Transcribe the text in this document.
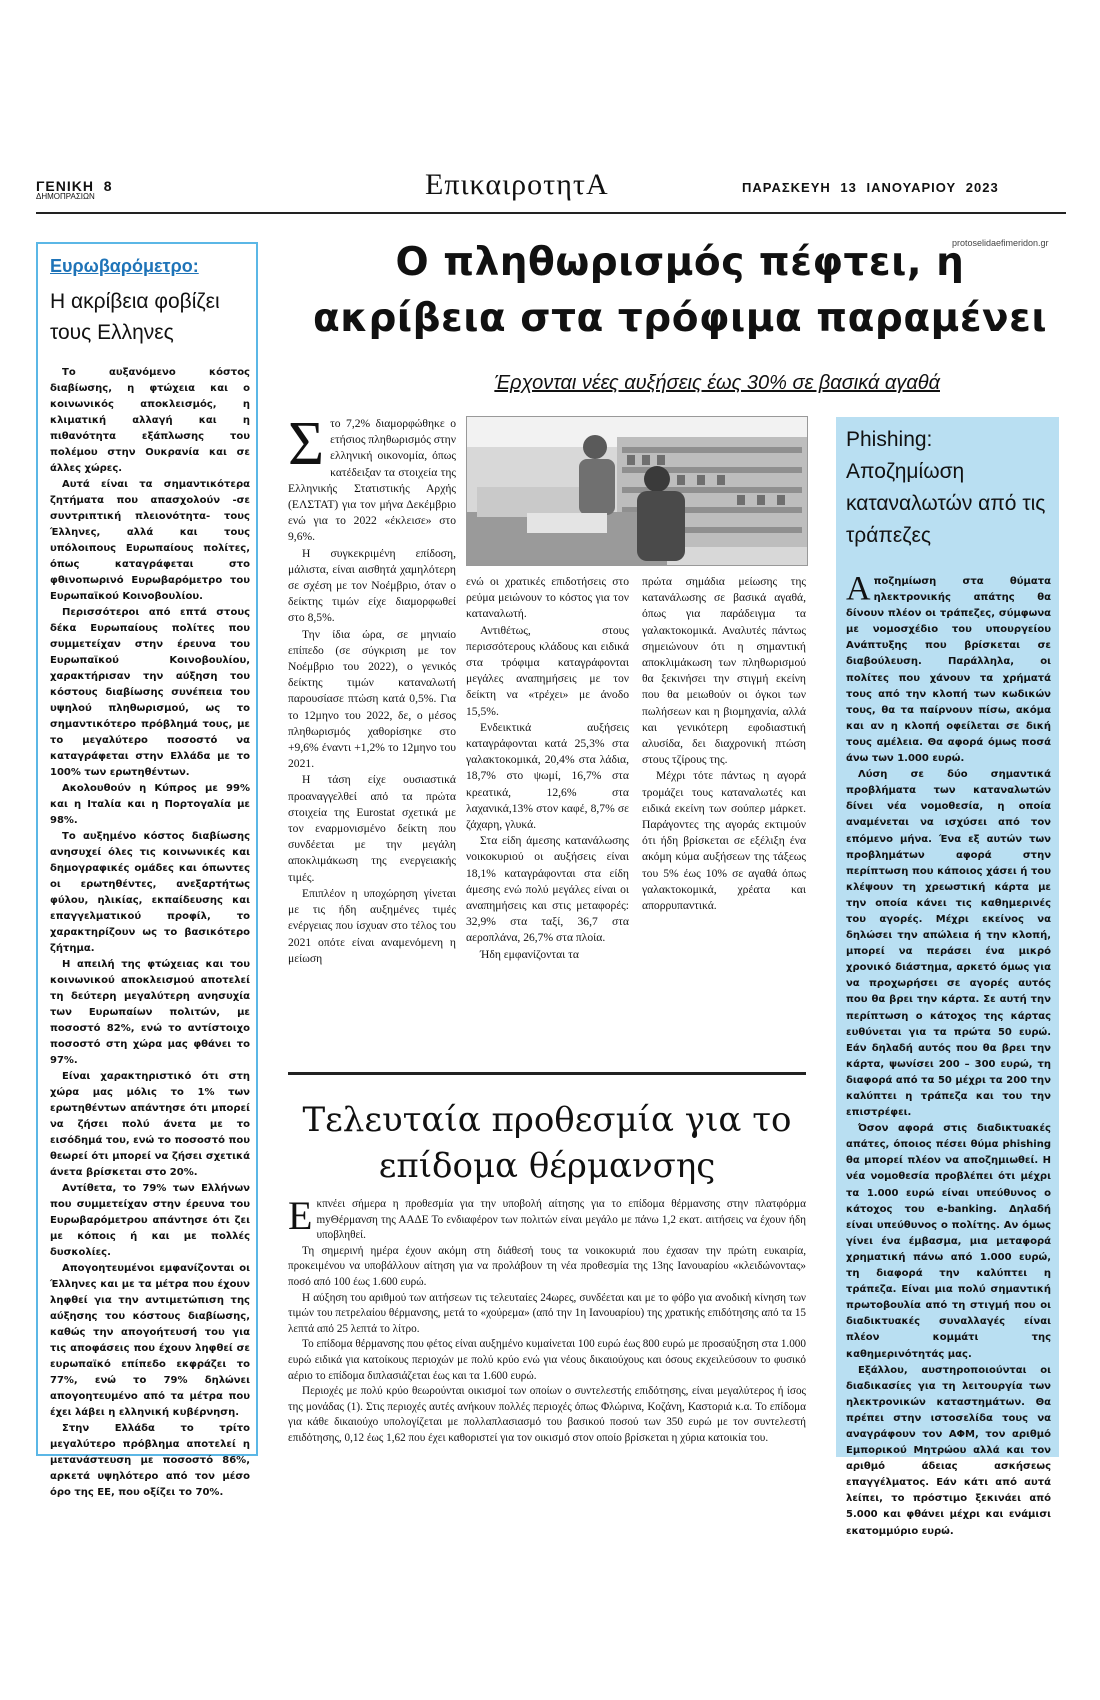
ΓΕΝΙΚΗ 8
ΔΗΜΟΠΡΑΣΙΩΝ	ΕπικαιροτητΑ	ΠΑΡΑΣΚΕΥΗ 13 ΙΑΝΟΥΑΡΙΟΥ 2023
protoselidaefimeridon.gr
Ευρωβαρόμετρο:
Η ακρίβεια φοβίζει τους Ελληνες

Το αυξανόμενο κόστος διαβίωσης, η φτώχεια και ο κοινωνικός αποκλεισμός, η κλιματική αλλαγή και η πιθανότητα εξάπλωσης του πολέμου στην Ουκρανία και σε άλλες χώρες.

Αυτά είναι τα σημαντικότερα ζητήματα που απασχολούν -σε συντριπτική πλειονότητα- τους Έλληνες, αλλά και τους υπόλοιπους Ευρωπαίους πολίτες, όπως καταγράφεται στο φθινοπωρινό Ευρωβαρόμετρο του Ευρωπαϊκού Κοινοβουλίου.

Περισσότεροι από επτά στους δέκα Ευρωπαίους πολίτες που συμμετείχαν στην έρευνα του Ευρωπαϊκού Κοινοβουλίου, χαρακτήρισαν την αύξηση του κόστους διαβίωσης συνέπεια του υψηλού πληθωρισμού, ως το σημαντικότερο πρόβλημά τους, με το μεγαλύτερο ποσοστό να καταγράφεται στην Ελλάδα με το 100% των ερωτηθέντων.

Ακολουθούν η Κύπρος με 99% και η Ιταλία και η Πορτογαλία με 98%.

Το αυξημένο κόστος διαβίωσης ανησυχεί όλες τις κοινωνικές και δημογραφικές ομάδες και όπωντες οι ερωτηθέντες, ανεξαρτήτως φύλου, ηλικίας, εκπαίδευσης και επαγγελματικού προφίλ, το χαρακτηρίζουν ως το βασικότερο ζήτημα.

Η απειλή της φτώχειας και του κοινωνικού αποκλεισμού αποτελεί τη δεύτερη μεγαλύτερη ανησυχία των Ευρωπαίων πολιτών, με ποσοστό 82%, ενώ το αντίστοιχο ποσοστό στη χώρα μας φθάνει το 97%.

Είναι χαρακτηριστικό ότι στη χώρα μας μόλις το 1% των ερωτηθέντων απάντησε ότι μπορεί να ζήσει πολύ άνετα με το εισόδημά του, ενώ το ποσοστό που θεωρεί ότι μπορεί να ζήσει σχετικά άνετα βρίσκεται στο 20%.

Αντίθετα, το 79% των Ελλήνων που συμμετείχαν στην έρευνα του Ευρωβαρόμετρου απάντησε ότι ζει με κόποις ή και με πολλές δυσκολίες.

Απογοητευμένοι εμφανίζονται οι Έλληνες και με τα μέτρα που έχουν ληφθεί για την αντιμετώπιση της αύξησης του κόστους διαβίωσης, καθώς την απογοήτευσή του για τις αποφάσεις που έχουν ληφθεί σε ευρωπαϊκό επίπεδο εκφράζει το 77%, ενώ το 79% δηλώνει απογοητευμένο από τα μέτρα που έχει λάβει η ελληνική κυβέρνηση.

Στην Ελλάδα το τρίτο μεγαλύτερο πρόβλημα αποτελεί η μετανάστευση με ποσοστό 86%, αρκετά υψηλότερο από τον μέσο όρο της ΕΕ, που οξίζει το 70%.

Ο πληθωρισμός πέφτει, η ακρίβεια στα τρόφιμα παραμένει
Έρχονται νέες αυξήσεις έως 30% σε βασικά αγαθά
Σ το 7,2% διαμορφώθηκε ο ετήσιος πληθωρισμός στην ελληνική οικονομία, όπως κατέδειξαν τα στοιχεία της Ελληνικής Στατιστικής Αρχής (ΕΛΣΤΑΤ) για τον μήνα Δεκέμβριο ενώ για το 2022 «έκλεισε» στο 9,6%.

Η συγκεκριμένη επίδοση, μάλιστα, είναι αισθητά χαμηλότερη σε σχέση με τον Νοέμβριο, όταν ο δείκτης τιμών είχε διαμορφωθεί στο 8,5%.

Την ίδια ώρα, σε μηνιαίο επίπεδο (σε σύγκριση με τον Νοέμβριο του 2022), ο γενικός δείκτης τιμών καταναλωτή παρουσίασε πτώση κατά 0,5%. Για το 12μηνο του 2022, δε, ο μέσος πληθωρισμός χαθορίσηκε στο +9,6% έναντι +1,2% το 12μηνο του 2021.

Η τάση είχε ουσιαστικά προαναγγελθεί από τα πρώτα στοιχεία της Eurostat σχετικά με τον εναρμονισμένο δείκτη που συνδέεται με την μεγάλη αποκλιμάκωση της ενεργειακής τιμές.

Επιπλέον η υποχώρηση γίνεται με τις ήδη αυξημένες τιμές ενέργειας που ίσχυαν στο τέλος του 2021 οπότε είναι αναμενόμενη η μείωση

ενώ οι χρατικές επιδοτήσεις στο ρεύμα μειώνουν το κόστος για τον καταναλωτή.

Αντιθέτως, στους περισσότερους κλάδους και ειδικά στα τρόφιμα καταγράφονται μεγάλες αναπημήσεις με τον δείκτη να «τρέχει» με άνοδο 15,5%.

Ενδεικτικά αυξήσεις καταγράφονται κατά 25,3% στα γαλακτοκομικά, 20,4% στα λάδια, 18,7% στο ψωμί, 16,7% στα κρεατικά, 12,6% στα λαχανικά,13% στον καφέ, 8,7% σε ζάχαρη, γλυκά.

Στα είδη άμεσης κατανάλωσης νοικοκυριού οι αυξήσεις είναι 18,1% καταγράφονται στα είδη άμεσης ενώ πολύ μεγάλες είναι οι αναπημήσεις και στις μεταφορές: 32,9% στα ταξί, 36,7 στα αεροπλάνα, 26,7% στα πλοία.

Ήδη εμφανίζονται τα

πρώτα σημάδια μείωσης της κατανάλωσης σε βασικά αγαθά, όπως για παράδειγμα τα γαλακτοκομικά. Αναλυτές πάντως σημειώνουν ότι η σημαντική αποκλιμάκωση των πληθωρισμού θα ξεκινήσει την στιγμή εκείνη που θα μειωθούν οι όγκοι των πωλήσεων και η βιομηχανία, αλλά και γενικότερη εφοδιαστική αλυσίδα, δει διαχρονική πτώση στους τζίρους της.

Μέχρι τότε πάντως η αγορά τρομάζει τους καταναλωτές και ειδικά εκείνη των σούπερ μάρκετ. Παράγοντες της αγοράς εκτιμούν ότι ήδη βρίσκεται σε εξέλιξη ένα ακόμη κύμα αυξήσεων της τάξεως του 5% έως 10% σε αγαθά όπως γαλακτοκομικά, χρέατα και απορρυπαντικά.

Τελευταία προθεσμία για το επίδομα θέρμανσης
Ε κπνέει σήμερα η προθεσμία για την υποβολή αίτησης για το επίδομα θέρμανσης στην πλατφόρμα myΘέρμανση της ΑΑΔΕ Το ενδιαφέρον των πολιτών είναι μεγάλο με πάνω 1,2 εκατ. αιτήσεις να έχουν ήδη υποβληθεί.

Τη σημερινή ημέρα έχουν ακόμη στη διάθεσή τους τα νοικοκυριά που έχασαν την πρώτη ευκαιρία, προκειμένου να υποβάλλουν αίτηση για να προλάβουν τη νέα προθεσμία της 13ης Ιανουαρίου «κλειδώνοντας» ποσό από 100 έως 1.600 ευρώ.

Η αύξηση του αριθμού των αιτήσεων τις τελευταίες 24ωρες, συνδέεται και με το φόβο για ανοδική κίνηση των τιμών του πετρελαίου θέρμανσης, μετά το «χούρεμα» (από την 1η Ιανουαρίου) της χρατικής επιδότησης από τα 15 λεπτά από 25 λεπτά το λίτρο.

Το επίδομα θέρμανσης που φέτος είναι αυξημένο κυμαίνεται 100 ευρώ έως 800 ευρώ με προσαύξηση στα 1.000 ευρώ ειδικά για κατοίκους περιοχών με πολύ κρύο ενώ για νέους δικαιούχους και όσους εκχειλεύσουν το φυσικό αέριο το επίδομα διπλασιάζεται έως και τα 1.600 ευρώ.

Περιοχές με πολύ κρύο θεωρούνται οικισμοί των οποίων ο συντελεστής επιδότησης, είναι μεγαλύτερος ή ίσος της μονάδας (1). Στις περιοχές αυτές ανήκουν πολλές περιοχές όπως Φλώρινα, Κοζάνη, Καστοριά κ.α. Το επίδομα για κάθε δικαιούχο υπολογίζεται με πολλαπλασιασμό του βασικού ποσού των 350 ευρώ με τον συντελεστή επιδότησης, 0,12 έως 1,62 που έχει καθοριστεί για τον οικισμό στον οποίο βρίσκεται η χύρια κατοικία του.

Phishing: Αποζημίωση καταναλωτών από τις τράπεζες
Α ποζημίωση στα θύματα ηλεκτρονικής απάτης θα δίνουν πλέον οι τράπεζες, σύμφωνα με νομοσχέδιο του υπουργείου Ανάπτυξης που βρίσκεται σε διαβούλευση. Παράλληλα, οι πολίτες που χάνουν τα χρήματά τους από την κλοπή των κωδικών τους, θα τα παίρνουν πίσω, ακόμα και αν η κλοπή οφείλεται σε δική τους αμέλεια. Θα αφορά όμως ποσά άνω των 1.000 ευρώ.

Λύση σε δύο σημαντικά προβλήματα των καταναλωτών δίνει νέα νομοθεσία, η οποία αναμένεται να ισχύσει από τον επόμενο μήνα. Ένα εξ αυτών των προβλημάτων αφορά στην περίπτωση που κάποιος χάσει ή του κλέψουν τη χρεωστική κάρτα με την οποία κάνει τις καθημερινές του αγορές. Μέχρι εκείνος να δηλώσει την απώλεια ή την κλοπή, μπορεί να περάσει ένα μικρό χρονικό διάστημα, αρκετό όμως για να προχωρήσει σε αγορές αυτός που θα βρει την κάρτα. Σε αυτή την περίπτωση ο κάτοχος της κάρτας ευθύνεται για τα πρώτα 50 ευρώ. Εάν δηλαδή αυτός που θα βρει την κάρτα, ψωνίσει 200 – 300 ευρώ, τη διαφορά από τα 50 μέχρι τα 200 την καλύπτει η τράπεζα και του την επιστρέφει.

Όσον αφορά στις διαδικτυακές απάτες, όποιος πέσει θύμα phishing θα μπορεί πλέον να αποζημιωθεί. Η νέα νομοθεσία προβλέπει ότι μέχρι τα 1.000 ευρώ είναι υπεύθυνος ο κάτοχος του e-banking. Δηλαδή είναι υπεύθυνος ο πολίτης. Αν όμως γίνει ένα έμβασμα, μια μεταφορά χρηματική πάνω από 1.000 ευρώ, τη διαφορά την καλύπτει η τράπεζα. Είναι μια πολύ σημαντική πρωτοβουλία από τη στιγμή που οι διαδικτυακές συναλλαγές είναι πλέον κομμάτι της καθημερινότητάς μας.

Εξάλλου, αυστηροποιούνται οι διαδικασίες για τη λειτουργία των ηλεκτρονικών καταστημάτων. Θα πρέπει στην ιστοσελίδα τους να αναγράφουν τον ΑΦΜ, τον αριθμό Εμπορικού Μητρώου αλλά και τον αριθμό άδειας ασκήσεως επαγγέλματος. Εάν κάτι από αυτά λείπει, το πρόστιμο ξεκινάει από 5.000 και φθάνει μέχρι και ενάμισι εκατομμύριο ευρώ.
